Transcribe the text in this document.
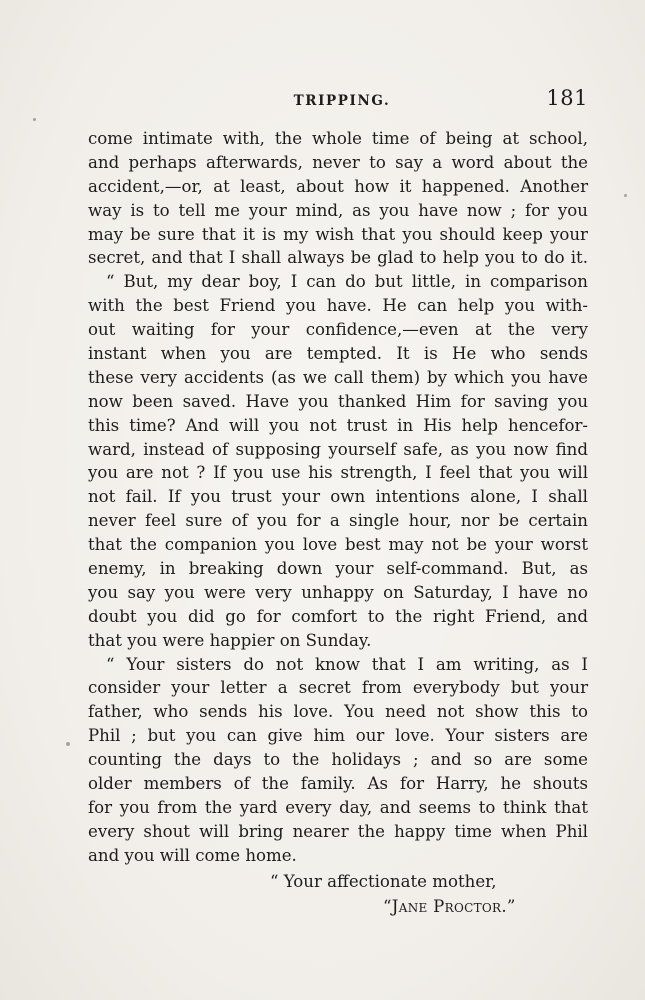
TRIPPING.	181
come intimate with, the whole time of being at school,
and perhaps afterwards, never to say a word about the
accident,—or, at least, about how it happened. Another
way is to tell me your mind, as you have now ; for you
may be sure that it is my wish that you should keep your
secret, and that I shall always be glad to help you to do it.
“ But, my dear boy, I can do but little, in comparison
with the best Friend you have. He can help you with-
out waiting for your confidence,—even at the very
instant when you are tempted. It is He who sends
these very accidents (as we call them) by which you have
now been saved. Have you thanked Him for saving you
this time? And will you not trust in His help hencefor-
ward, instead of supposing yourself safe, as you now find
you are not ? If you use his strength, I feel that you will
not fail. If you trust your own intentions alone, I shall
never feel sure of you for a single hour, nor be certain
that the companion you love best may not be your worst
enemy, in breaking down your self-command. But, as
you say you were very unhappy on Saturday, I have no
doubt you did go for comfort to the right Friend, and
that you were happier on Sunday.
“ Your sisters do not know that I am writing, as I
consider your letter a secret from everybody but your
father, who sends his love. You need not show this to
Phil ; but you can give him our love. Your sisters are
counting the days to the holidays ; and so are some
older members of the family. As for Harry, he shouts
for you from the yard every day, and seems to think that
every shout will bring nearer the happy time when Phil
and you will come home.
“ Your affectionate mother,
“Jane Proctor.”
